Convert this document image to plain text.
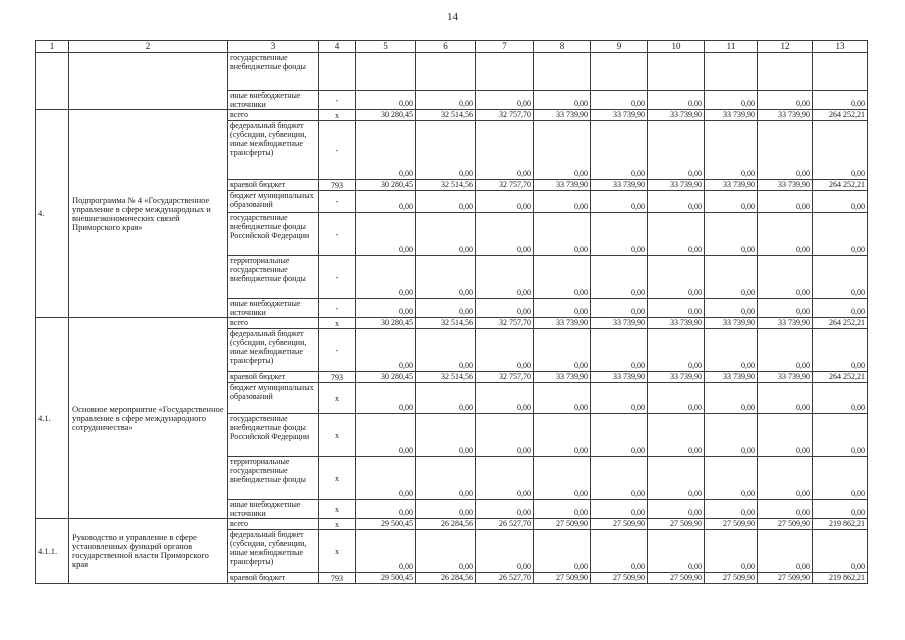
14
1	2	3	4	5	6	7	8	9	10	11	12	13
		государственные внебюджетные фонды										
		иные внебюджетные источники	-	0,00	0,00	0,00	0,00	0,00	0,00	0,00	0,00	0,00
4.	Подпрограмма № 4 «Государственное управление в сфере международных и внешнеэкономических связей Приморского края»	всего	x	30 280,45	32 514,56	32 757,70	33 739,90	33 739,90	33 739,90	33 739,90	33 739,90	264 252,21
		федеральный бюджет (субсидии, субвенции, иные межбюджетные трансферты)	-	0,00	0,00	0,00	0,00	0,00	0,00	0,00	0,00	0,00
		краевой бюджет	793	30 280,45	32 514,56	32 757,70	33 739,90	33 739,90	33 739,90	33 739,90	33 739,90	264 252,21
		бюджет муниципальных образований	-	0,00	0,00	0,00	0,00	0,00	0,00	0,00	0,00	0,00
		государственные внебюджетные фонды Российской Федерации	-	0,00	0,00	0,00	0,00	0,00	0,00	0,00	0,00	0,00
		территориальные государственные внебюджетные фонды	-	0,00	0,00	0,00	0,00	0,00	0,00	0,00	0,00	0,00
		иные внебюджетные источники	-	0,00	0,00	0,00	0,00	0,00	0,00	0,00	0,00	0,00
4.1.	Основное мероприятие «Государственное управление в сфере международного сотрудничества»	всего	x	30 280,45	32 514,56	32 757,70	33 739,90	33 739,90	33 739,90	33 739,90	33 739,90	264 252,21
		федеральный бюджет (субсидии, субвенции, иные межбюджетные трансферты)	-	0,00	0,00	0,00	0,00	0,00	0,00	0,00	0,00	0,00
		краевой бюджет	793	30 280,45	32 514,56	32 757,70	33 739,90	33 739,90	33 739,90	33 739,90	33 739,90	264 252,21
		бюджет муниципальных образований	x	0,00	0,00	0,00	0,00	0,00	0,00	0,00	0,00	0,00
		государственные внебюджетные фонды Российской Федерации	x	0,00	0,00	0,00	0,00	0,00	0,00	0,00	0,00	0,00
		территориальные государственные внебюджетные фонды	x	0,00	0,00	0,00	0,00	0,00	0,00	0,00	0,00	0,00
		иные внебюджетные источники	x	0,00	0,00	0,00	0,00	0,00	0,00	0,00	0,00	0,00
4.1.1.	Руководство и управление в сфере установленных функций органов государственной власти Приморского края	всего	x	29 500,45	26 284,56	26 527,70	27 509,90	27 509,90	27 509,90	27 509,90	27 509,90	219 862,21
		федеральный бюджет (субсидии, субвенции, иные межбюджетные трансферты)	x	0,00	0,00	0,00	0,00	0,00	0,00	0,00	0,00	0,00
		краевой бюджет	793	29 500,45	26 284,56	26 527,70	27 509,90	27 509,90	27 509,90	27 509,90	27 509,90	219 862,21
